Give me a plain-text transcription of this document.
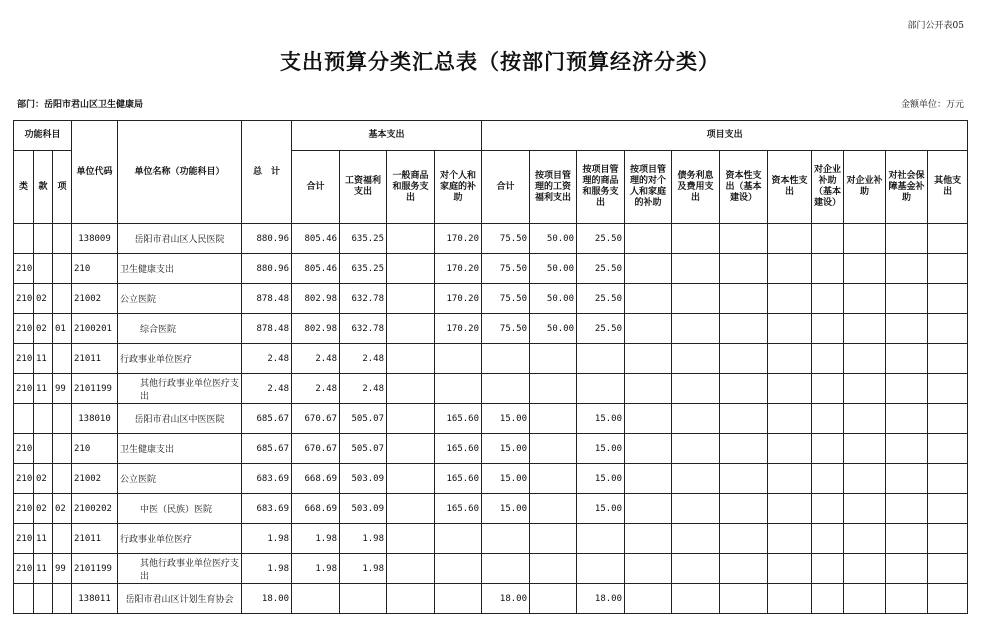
部门公开表05
支出预算分类汇总表（按部门预算经济分类）
部门：岳阳市君山区卫生健康局	金额单位：万元
功能科目			单位代码	单位名称（功能科目）	总　计	基本支出				项目支出										
类	款	项				合计	工资福利支出	一般商品和服务支出	对个人和家庭的补助	合计	按项目管理的工资福利支出	按项目管理的商品和服务支出	按项目管理的对个人和家庭的补助	债务利息及费用支出	资本性支出（基本建设）	资本性支出	对企业补助（基本建设）	对企业补助	对社会保障基金补助	其他支出
			138009	岳阳市君山区人民医院	880.96	805.46	635.25		170.20	75.50	50.00	25.50								
210			210	卫生健康支出	880.96	805.46	635.25		170.20	75.50	50.00	25.50								
210	02		21002	公立医院	878.48	802.98	632.78		170.20	75.50	50.00	25.50								
210	02	01	2100201	综合医院	878.48	802.98	632.78		170.20	75.50	50.00	25.50								
210	11		21011	行政事业单位医疗	2.48	2.48	2.48													
210	11	99	2101199	其他行政事业单位医疗支出	2.48	2.48	2.48													
			138010	岳阳市君山区中医医院	685.67	670.67	505.07		165.60	15.00		15.00								
210			210	卫生健康支出	685.67	670.67	505.07		165.60	15.00		15.00								
210	02		21002	公立医院	683.69	668.69	503.09		165.60	15.00		15.00								
210	02	02	2100202	中医（民族）医院	683.69	668.69	503.09		165.60	15.00		15.00								
210	11		21011	行政事业单位医疗	1.98	1.98	1.98													
210	11	99	2101199	其他行政事业单位医疗支出	1.98	1.98	1.98													
			138011	岳阳市君山区计划生育协会	18.00					18.00		18.00								
